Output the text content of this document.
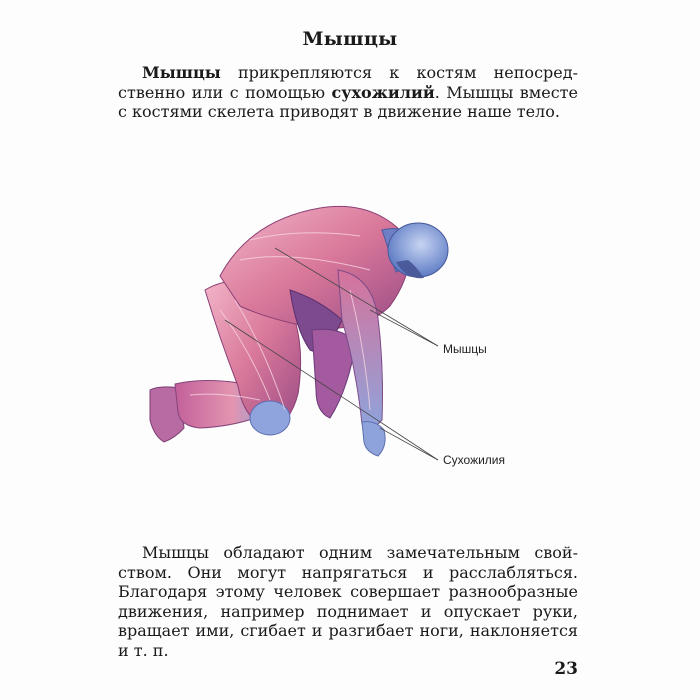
Мышцы

Мышцы прикрепляются к костям непосредственно или с помощью сухожилий. Мышцы вместе с костями скелета приводят в движение наше тело.

Мышцы
Сухожилия

Мышцы обладают одним замечательным свойством. Они могут напрягаться и расслабляться. Благодаря этому человек совершает разнообразные движения, например поднимает и опускает руки, вращает ими, сгибает и разгибает ноги, наклоняется и т. п.

23
